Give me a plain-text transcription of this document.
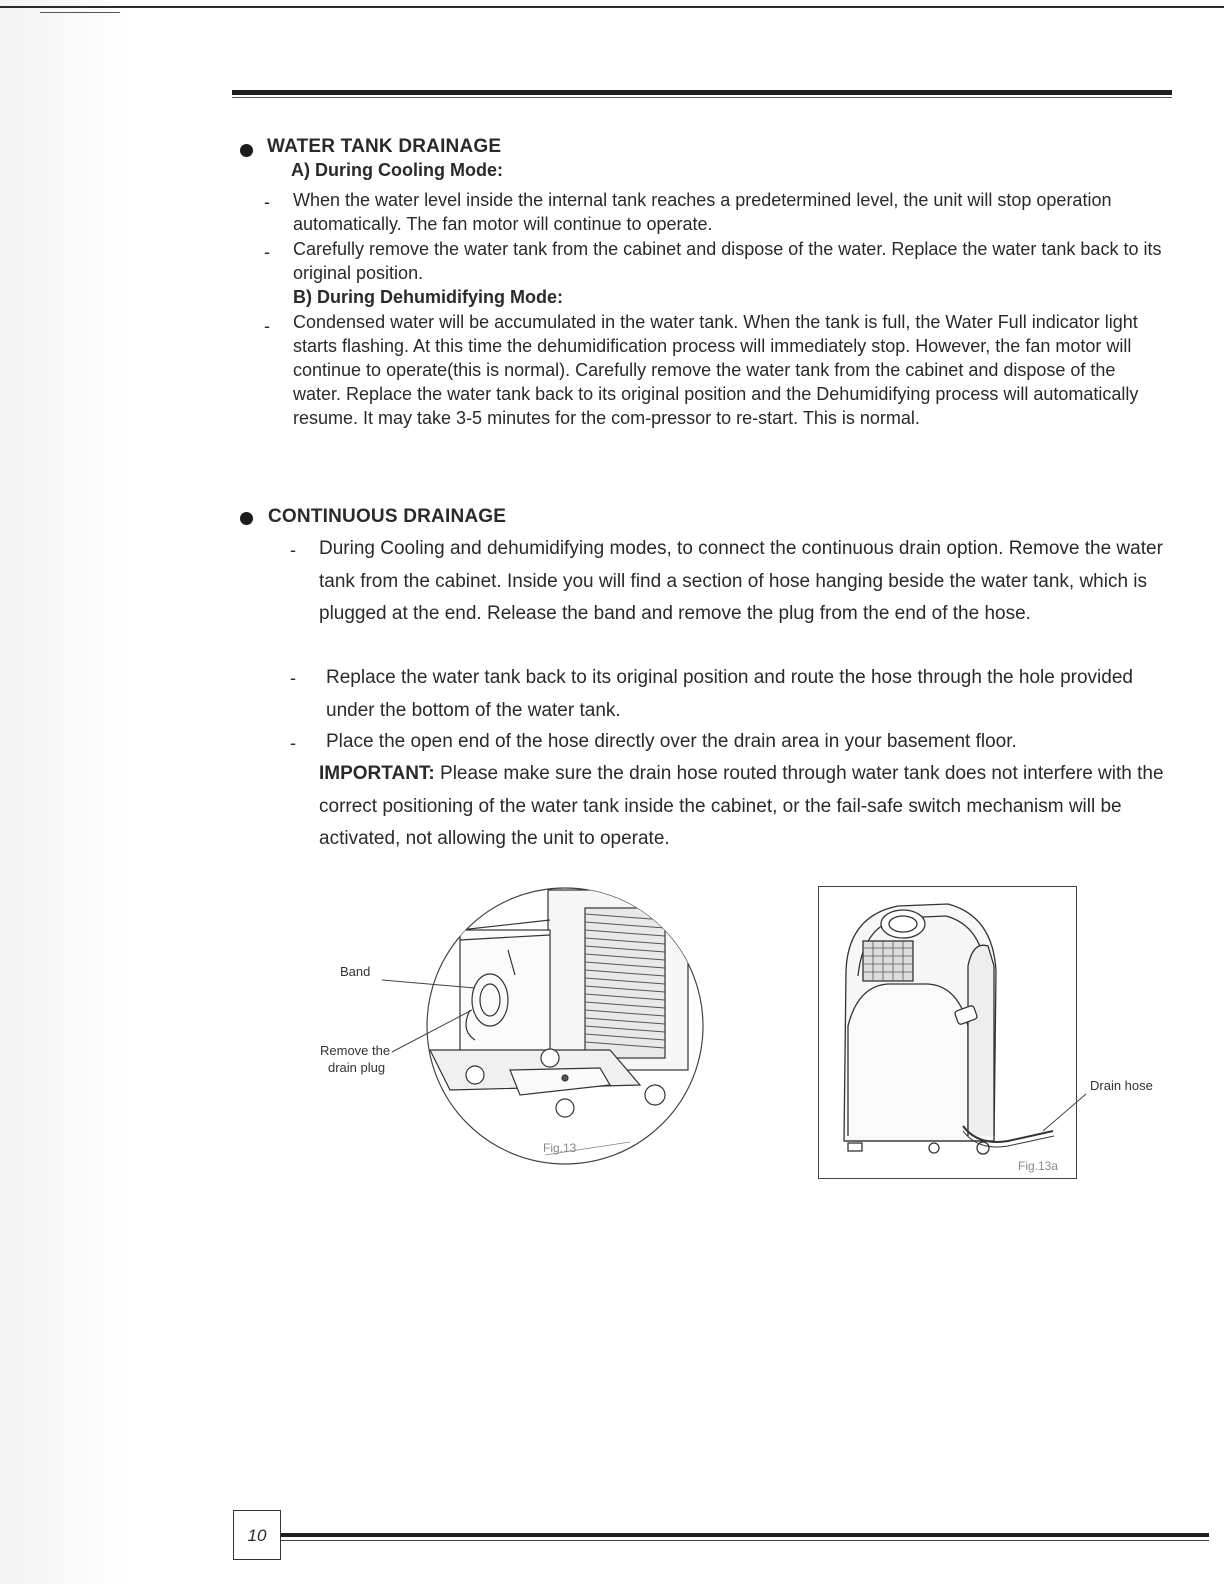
WATER TANK DRAINAGE
A) During Cooling Mode:
- When the water level inside the internal tank reaches a predetermined level, the unit will stop operation automatically. The fan motor will continue to operate.
- Carefully remove the water tank from the cabinet and dispose of the water. Replace the water tank back to its original position.
B) During Dehumidifying Mode:
- Condensed water will be accumulated in the water tank. When the tank is full, the Water Full indicator light starts flashing. At this time the dehumidification process will immediately stop. However, the fan motor will continue to operate(this is normal). Carefully remove the water tank from the cabinet and dispose of the water. Replace the water tank back to its original position and the Dehumidifying process will automatically resume. It may take 3-5 minutes for the com-pressor to re-start. This is normal.
CONTINUOUS DRAINAGE
- During Cooling and dehumidifying modes, to connect the continuous drain option. Remove the water tank from the cabinet. Inside you will find a section of hose hanging beside the water tank, which is plugged at the end. Release the band and remove the plug from the end of the hose.
- Replace the water tank back to its original position and route the hose through the hole provided under the bottom of the water tank.
- Place the open end of the hose directly over the drain area in your basement floor.
IMPORTANT: Please make sure the drain hose routed through water tank does not interfere with the correct positioning of the water tank inside the cabinet, or the fail-safe switch mechanism will be activated, not allowing the unit to operate.
Band
Remove the
drain plug
Fig.13
Drain hose
Fig.13a
10
